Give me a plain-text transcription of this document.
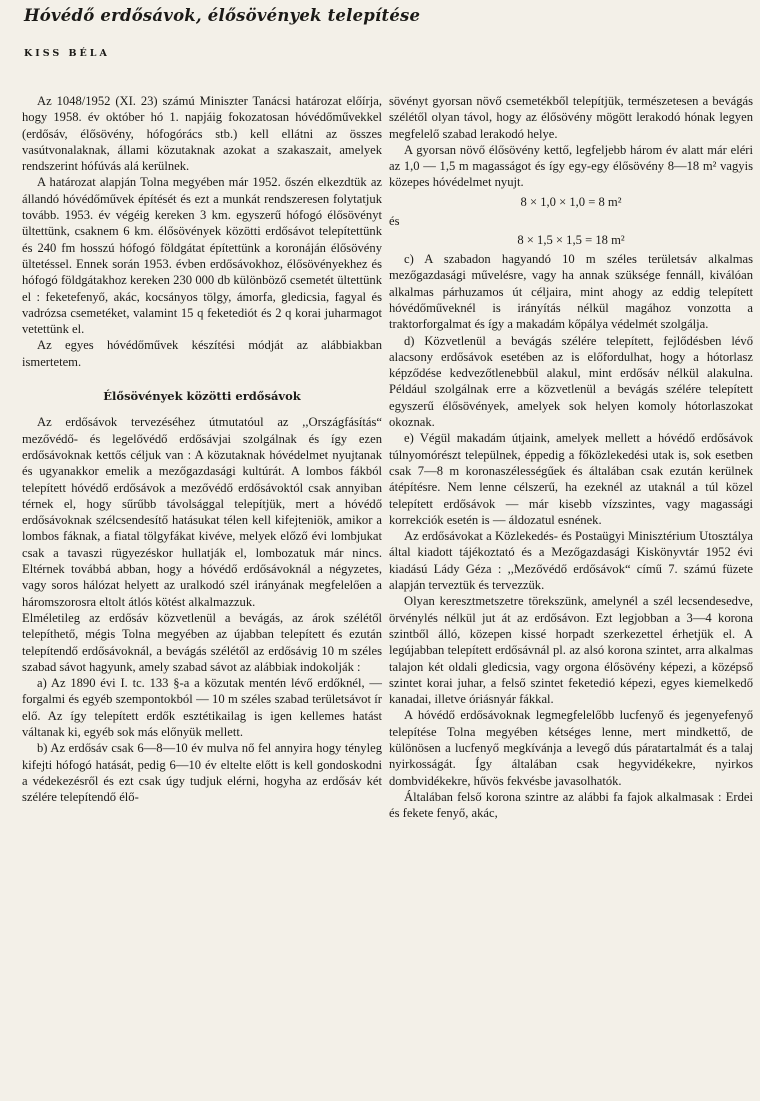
Hóvédő erdősávok, élősövények telepítése
KISS BÉLA

Az 1048/1952 (XI. 23) számú Miniszter Tanácsi határozat előírja, hogy 1958. év október hó 1. napjáig fokozatosan hóvédőművekkel (erdősáv, élősövény, hófogórács stb.) kell ellátni az összes vasútvonalaknak, állami közutaknak azokat a szakaszait, amelyek rendszerint hófúvás alá kerülnek.

A határozat alapján Tolna megyében már 1952. őszén elkezdtük az állandó hóvédőművek építését és ezt a munkát rendszeresen folytatjuk tovább. 1953. év végéig kereken 3 km. egyszerű hófogó élősövényt ültettünk, csaknem 6 km. élősövények közötti erdősávot telepítettünk és 240 fm hosszú hófogó földgátat építettünk a koronáján élősövény ültetéssel. Ennek során 1953. évben erdősávokhoz, élősövényekhez és hófogó földgátakhoz kereken 230 000 db különböző csemetét ültettünk el : feketefenyő, akác, kocsányos tölgy, ámorfa, gledicsia, fagyal és vadrózsa csemetéket, valamint 15 q feketediót és 2 q korai juharmagot vetettünk el.

Az egyes hóvédőművek készítési módját az alábbiakban ismertetem.

Élősövények közötti erdősávok

Az erdősávok tervezéséhez útmutatóul az ,,Országfásítás“ mezővédő- és legelővédő erdősávjai szolgálnak és így ezen erdősávoknak kettős céljuk van : A közutaknak hóvédelmet nyujtanak és ugyanakkor emelik a mezőgazdasági kultúrát. A lombos fákból telepített hóvédő erdősávok a mezővédő erdősávoktól csak annyiban térnek el, hogy sűrűbb távolsággal telepítjük, mert a hóvédő erdősávoknak szélcsendesítő hatásukat télen kell kifejteniök, amikor a lombos fáknak, a fiatal tölgyfákat kivéve, melyek előző évi lombjukat csak a tavaszi rügyezéskor hullatják el, lombozatuk már nincs. Eltérnek továbbá abban, hogy a hóvédő erdősávoknál a négyzetes, vagy soros hálózat helyett az uralkodó szél irányának megfelelően a háromszorosra eltolt átlós kötést alkalmazzuk.

Elméletileg az erdősáv közvetlenül a bevágás, az árok szélétől telepíthető, mégis Tolna megyében az újabban telepített és ezután telepítendő erdősávoknál, a bevágás szélétől az erdősávig 10 m széles szabad sávot hagyunk, amely szabad sávot az alábbiak indokolják :

a) Az 1890 évi I. tc. 133 §-a a közutak mentén lévő erdőknél, — forgalmi és egyéb szempontokból — 10 m széles szabad területsávot ír elő. Az így telepített erdők esztétikailag is igen kellemes hatást váltanak ki, egyéb sok más előnyük mellett.

b) Az erdősáv csak 6—8—10 év mulva nő fel annyira hogy tényleg kifejti hófogó hatását, pedig 6—10 év eltelte előtt is kell gondoskodni a védekezésről és ezt csak úgy tudjuk elérni, hogyha az erdősáv két szélére telepítendő élő-

sövényt gyorsan növő csemetékből telepítjük, természetesen a bevágás szélétől olyan távol, hogy az élősövény mögött lerakodó hónak legyen megfelelő szabad lerakodó helye.

A gyorsan növő élősövény kettő, legfeljebb három év alatt már eléri az 1,0 — 1,5 m magasságot és így egy-egy élősövény 8—18 m² vagyis közepes hóvédelmet nyujt.

8 × 1,0 × 1,0 = 8 m²

és

8 × 1,5 × 1,5 = 18 m²

c) A szabadon hagyandó 10 m széles területsáv alkalmas mezőgazdasági művelésre, vagy ha annak szüksége fennáll, kiválóan alkalmas párhuzamos út céljaira, mint ahogy az eddig telepített hóvédőműveknél is irányítás nélkül magához vonzotta a traktorforgalmat és így a makadám kőpálya védelmét szolgálja.

d) Közvetlenül a bevágás szélére telepített, fejlődésben lévő alacsony erdősávok esetében az is előfordulhat, hogy a hótorlasz képződése kedvezőtlenebbül alakul, mint erdősáv nélkül alakulna. Például szolgálnak erre a közvetlenül a bevágás szélére telepített egyszerű élősövények, amelyek sok helyen komoly hótorlaszokat okoznak.

e) Végül makadám útjaink, amelyek mellett a hóvédő erdősávok túlnyomórészt települnek, éppedig a főközlekedési utak is, sok esetben csak 7—8 m koronaszélességűek és általában csak ezután kerülnek átépítésre. Nem lenne célszerű, ha ezeknél az utaknál a túl közel telepített erdősávok — már kisebb vízszintes, vagy magassági korrekciók esetén is — áldozatul esnének.

Az erdősávokat a Közlekedés- és Postaügyi Minisztérium Utosztálya által kiadott tájékoztató és a Mezőgazdasági Kiskönyvtár 1952 évi kiadású Lády Géza : ,,Mezővédő erdősávok“ című 7. számú füzete alapján terveztük és tervezzük.

Olyan keresztmetszetre törekszünk, amelynél a szél lecsendesedve, örvénylés nélkül jut át az erdősávon. Ezt legjobban a 3—4 korona szintből álló, közepen kissé horpadt szerkezettel érhetjük el. A legújabban telepített erdősávnál pl. az alsó korona szintet, arra alkalmas talajon két oldali gledicsia, vagy orgona élősövény képezi, a középső szintet korai juhar, a felső szintet feketedió képezi, egyes kiemelkedő kanadai, illetve óriásnyár fákkal.

A hóvédő erdősávoknak legmegfelelőbb lucfenyő és jegenyefenyő telepítése Tolna megyében kétséges lenne, mert mindkettő, de különösen a lucfenyő megkívánja a levegő dús páratartalmát és a talaj nyirkosságát. Így általában csak hegyvidékekre, nyirkos dombvidékekre, hűvös fekvésbe javasolhatók.

Általában felső korona szintre az alábbi fa fajok alkalmasak : Erdei és fekete fenyő, akác,
